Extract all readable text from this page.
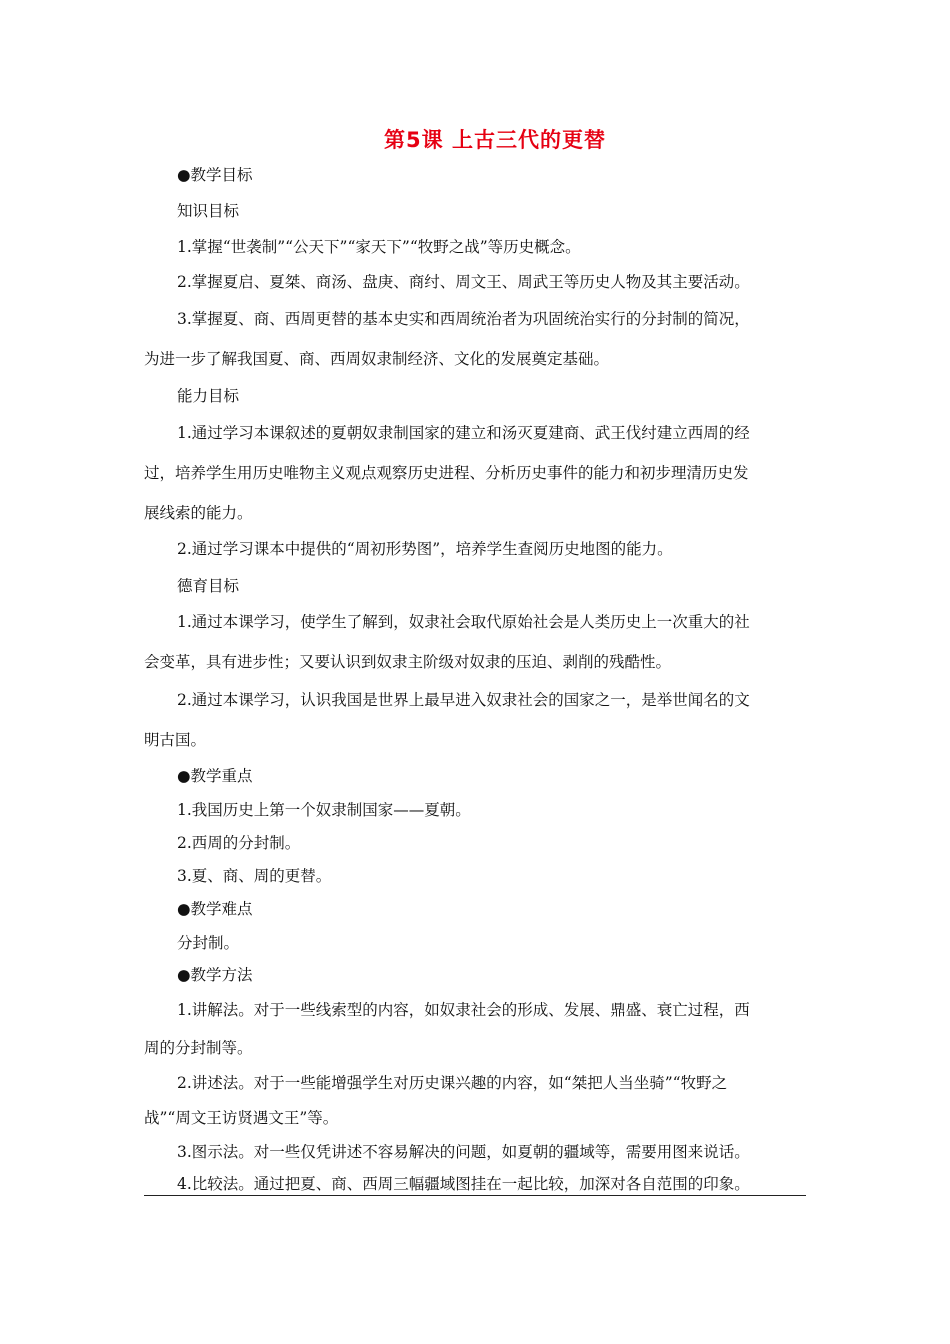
第5课 上古三代的更替
●教学目标
知识目标
1.掌握“世袭制”“公天下”“家天下”“牧野之战”等历史概念。
2.掌握夏启、夏桀、商汤、盘庚、商纣、周文王、周武王等历史人物及其主要活动。
3.掌握夏、商、西周更替的基本史实和西周统治者为巩固统治实行的分封制的简况，
为进一步了解我国夏、商、西周奴隶制经济、文化的发展奠定基础。
能力目标
1.通过学习本课叙述的夏朝奴隶制国家的建立和汤灭夏建商、武王伐纣建立西周的经
过，培养学生用历史唯物主义观点观察历史进程、分析历史事件的能力和初步理清历史发
展线索的能力。
2.通过学习课本中提供的“周初形势图”，培养学生查阅历史地图的能力。
德育目标
1.通过本课学习，使学生了解到，奴隶社会取代原始社会是人类历史上一次重大的社
会变革，具有进步性；又要认识到奴隶主阶级对奴隶的压迫、剥削的残酷性。
2.通过本课学习，认识我国是世界上最早进入奴隶社会的国家之一，是举世闻名的文
明古国。
●教学重点
1.我国历史上第一个奴隶制国家——夏朝。
2.西周的分封制。
3.夏、商、周的更替。
●教学难点
分封制。
●教学方法
1.讲解法。对于一些线索型的内容，如奴隶社会的形成、发展、鼎盛、衰亡过程，西
周的分封制等。
2.讲述法。对于一些能增强学生对历史课兴趣的内容，如“桀把人当坐骑”“牧野之
战”“周文王访贤遇文王”等。
3.图示法。对一些仅凭讲述不容易解决的问题，如夏朝的疆域等，需要用图来说话。
4.比较法。通过把夏、商、西周三幅疆域图挂在一起比较，加深对各自范围的印象。
